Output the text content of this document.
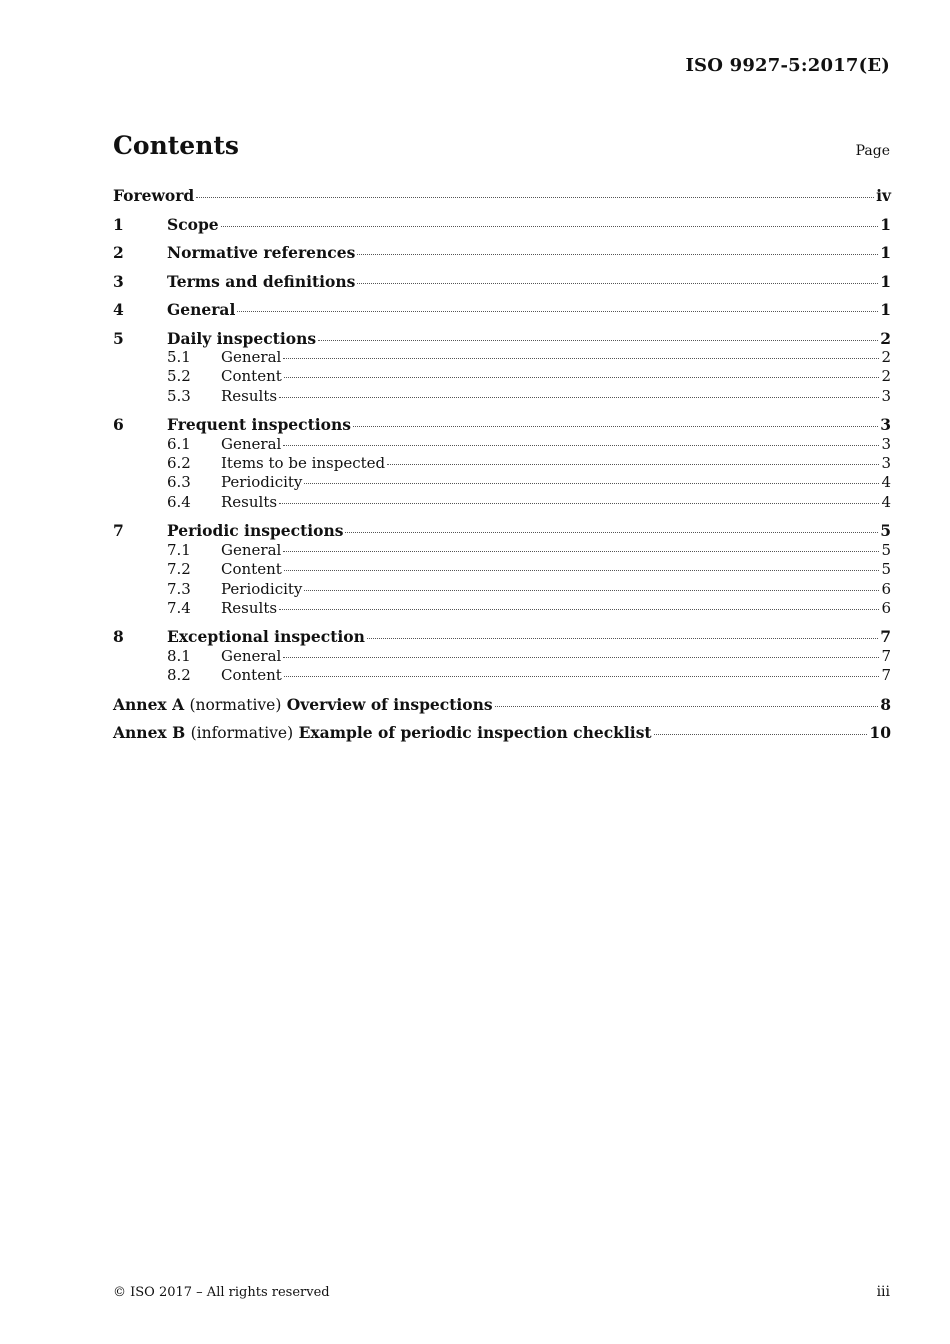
ISO 9927-5:2017(E)
Contents	Page
Foreword	iv
1	Scope	1
2	Normative references	1
3	Terms and definitions	1
4	General	1
5	Daily inspections	2
5.1	General	2
5.2	Content	2
5.3	Results	3
6	Frequent inspections	3
6.1	General	3
6.2	Items to be inspected	3
6.3	Periodicity	4
6.4	Results	4
7	Periodic inspections	5
7.1	General	5
7.2	Content	5
7.3	Periodicity	6
7.4	Results	6
8	Exceptional inspection	7
8.1	General	7
8.2	Content	7
Annex A (normative) Overview of inspections	8
Annex B (informative) Example of periodic inspection checklist	10
© ISO 2017 – All rights reserved	iii
